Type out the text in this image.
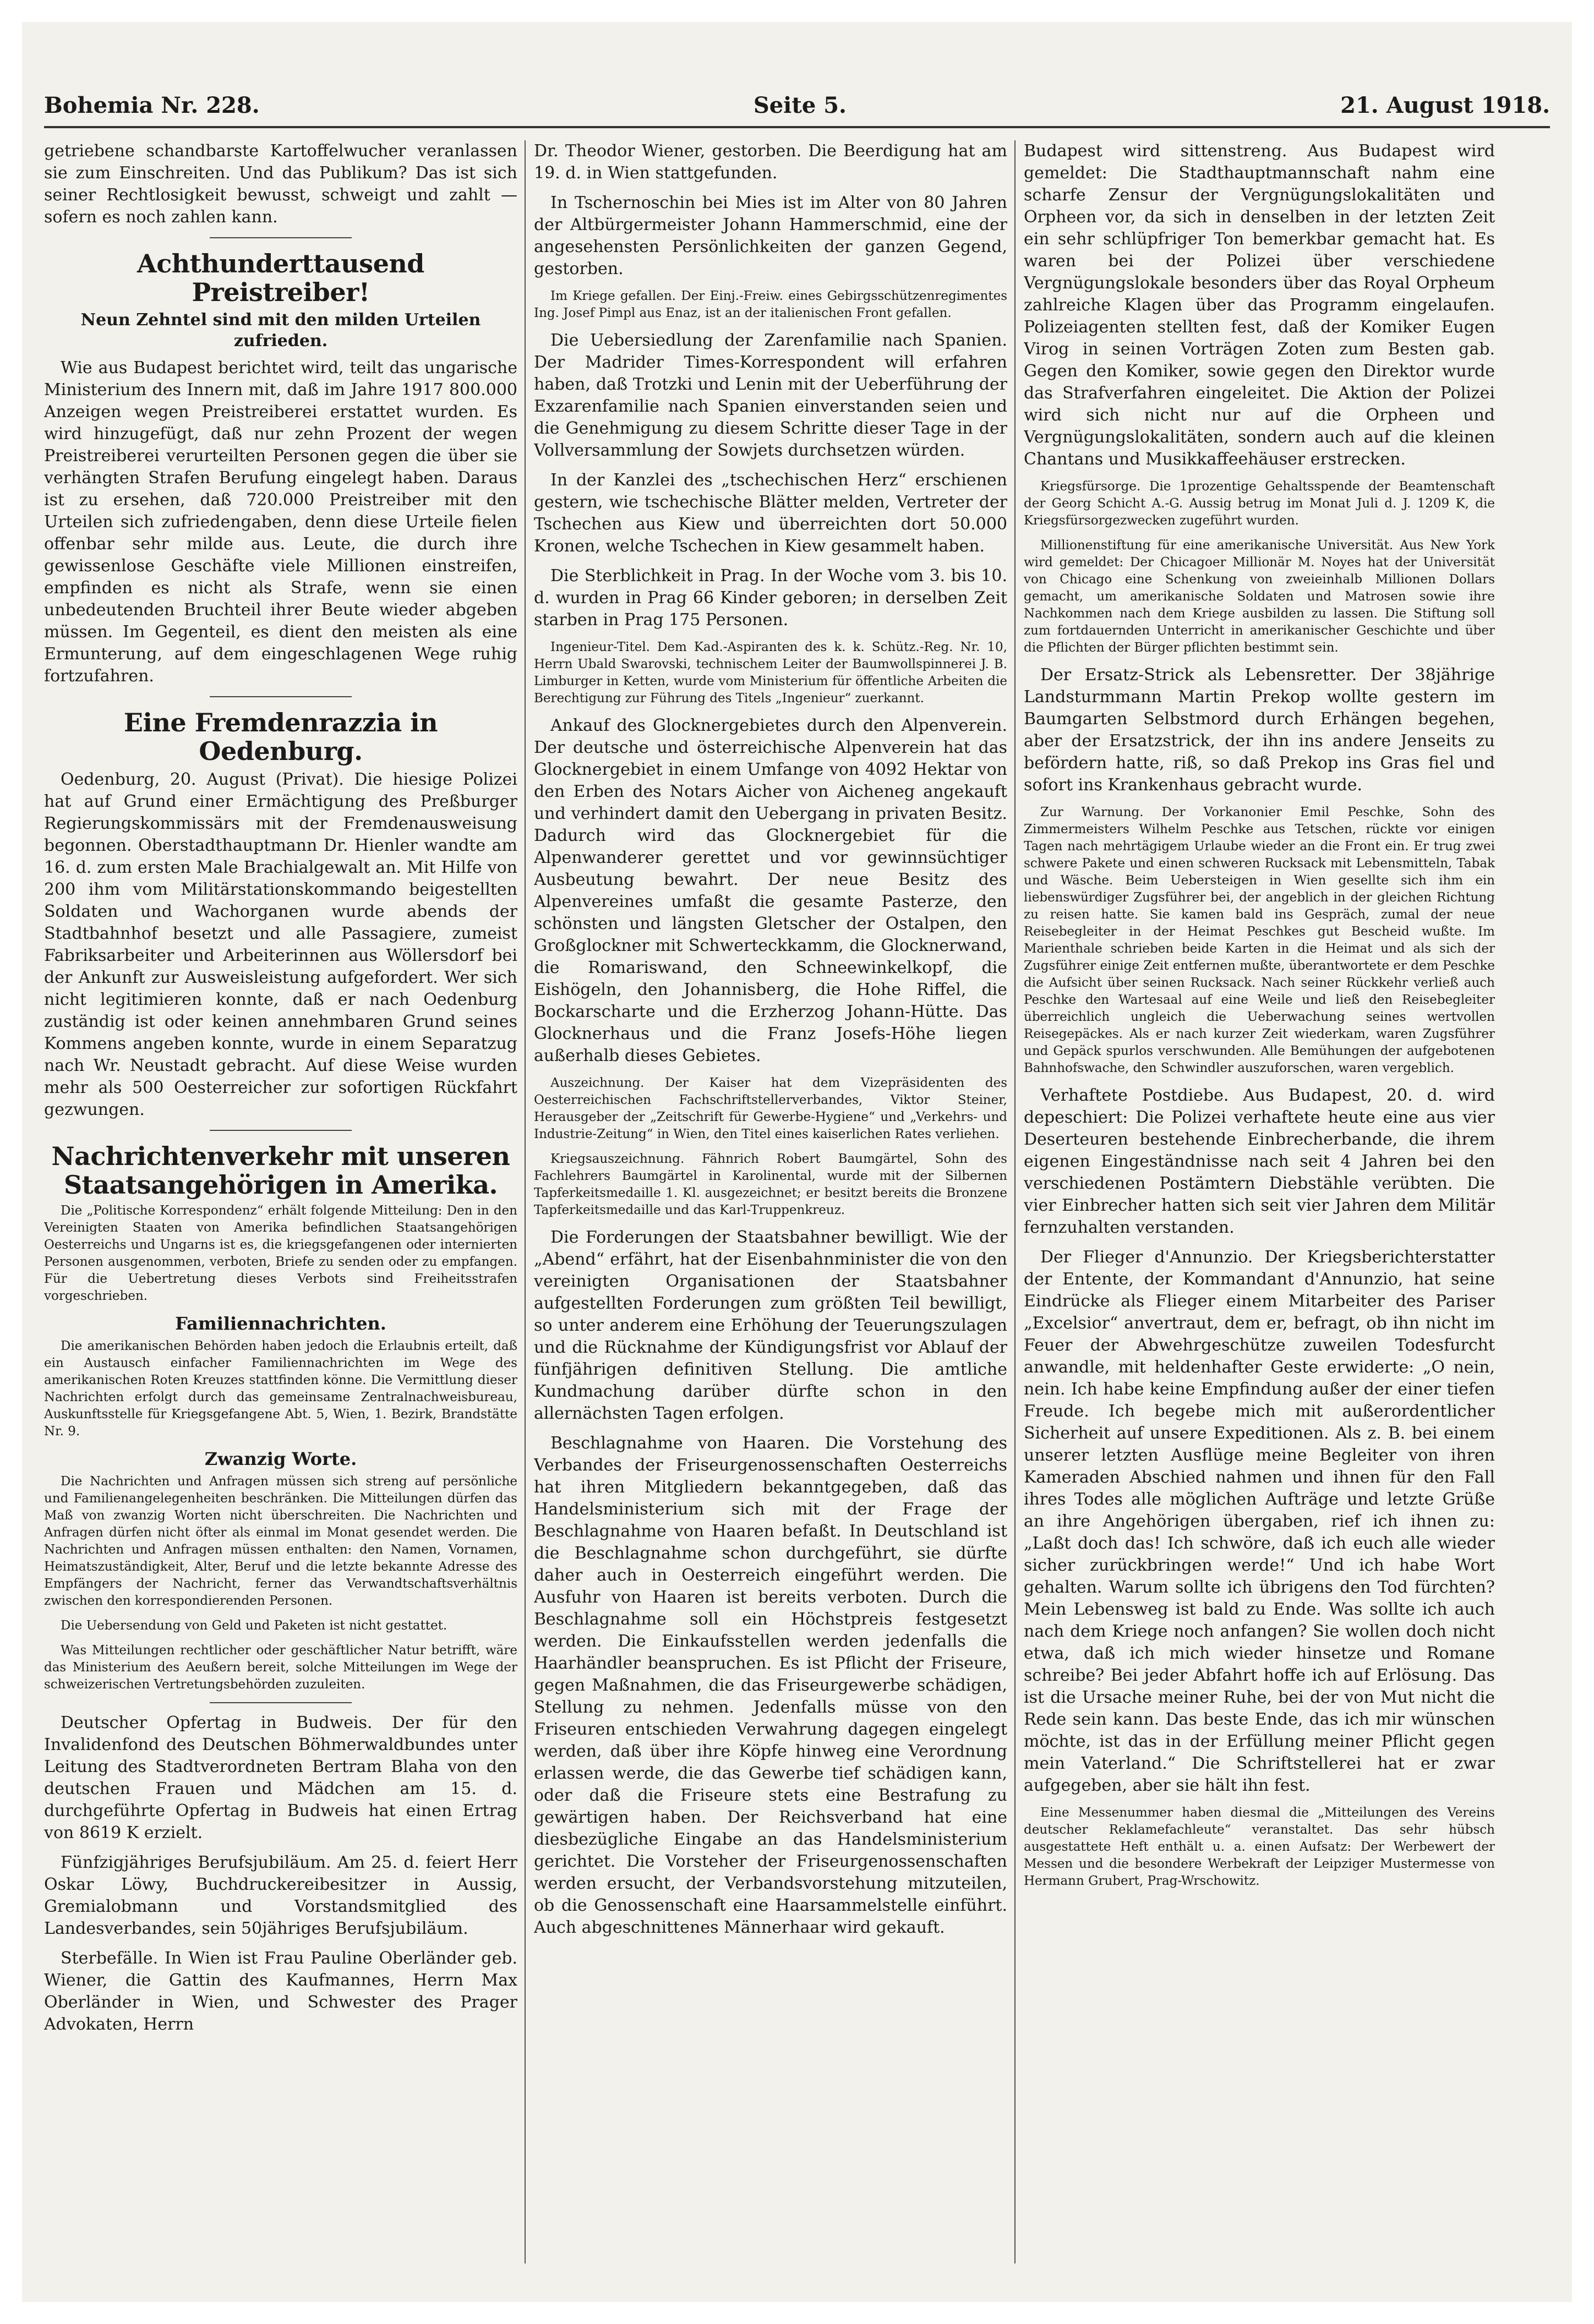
Bohemia Nr. 228.	Seite 5.	21. August 1918.

getriebene schandbarste Kartoffelwucher veranlassen sie zum Einschreiten. Und das Publikum? Das ist sich seiner Rechtlosigkeit bewusst, schweigt und zahlt — sofern es noch zahlen kann.

Achthunderttausend Preistreiber!
Neun Zehntel sind mit den milden Urteilen zufrieden.

Wie aus Budapest berichtet wird, teilt das ungarische Ministerium des Innern mit, daß im Jahre 1917 800.000 Anzeigen wegen Preistreiberei erstattet wurden. Es wird hinzugefügt, daß nur zehn Prozent der wegen Preistreiberei verurteilten Personen gegen die über sie verhängten Strafen Berufung eingelegt haben. Daraus ist zu ersehen, daß 720.000 Preistreiber mit den Urteilen sich zufriedengaben, denn diese Urteile fielen offenbar sehr milde aus. Leute, die durch ihre gewissenlose Geschäfte viele Millionen einstreifen, empfinden es nicht als Strafe, wenn sie einen unbedeutenden Bruchteil ihrer Beute wieder abgeben müssen. Im Gegenteil, es dient den meisten als eine Ermunterung, auf dem eingeschlagenen Wege ruhig fortzufahren.

Eine Fremdenrazzia in Oedenburg.

Oedenburg, 20. August (Privat). Die hiesige Polizei hat auf Grund einer Ermächtigung des Preßburger Regierungskommissärs mit der Fremdenausweisung begonnen. Oberstadthauptmann Dr. Hienler wandte am 16. d. zum ersten Male Brachialgewalt an. Mit Hilfe von 200 ihm vom Militärstationskommando beigestellten Soldaten und Wachorganen wurde abends der Stadtbahnhof besetzt und alle Passagiere, zumeist Fabriksarbeiter und Arbeiterinnen aus Wöllersdorf bei der Ankunft zur Ausweisleistung aufgefordert. Wer sich nicht legitimieren konnte, daß er nach Oedenburg zuständig ist oder keinen annehmbaren Grund seines Kommens angeben konnte, wurde in einem Separatzug nach Wr. Neustadt gebracht. Auf diese Weise wurden mehr als 500 Oesterreicher zur sofortigen Rückfahrt gezwungen.

Nachrichtenverkehr mit unseren Staatsangehörigen in Amerika.

Die „Politische Korrespondenz“ erhält folgende Mitteilung: Den in den Vereinigten Staaten von Amerika befindlichen Staatsangehörigen Oesterreichs und Ungarns ist es, die kriegsgefangenen oder internierten Personen ausgenommen, verboten, Briefe zu senden oder zu empfangen. Für die Uebertretung dieses Verbots sind Freiheitsstrafen vorgeschrieben.

Familiennachrichten.

Die amerikanischen Behörden haben jedoch die Erlaubnis erteilt, daß ein Austausch einfacher Familiennachrichten im Wege des amerikanischen Roten Kreuzes stattfinden könne. Die Vermittlung dieser Nachrichten erfolgt durch das gemeinsame Zentralnachweisbureau, Auskunftsstelle für Kriegsgefangene Abt. 5, Wien, 1. Bezirk, Brandstätte Nr. 9.

Zwanzig Worte.

Die Nachrichten und Anfragen müssen sich streng auf persönliche und Familienangelegenheiten beschränken. Die Mitteilungen dürfen das Maß von zwanzig Worten nicht überschreiten. Die Nachrichten und Anfragen dürfen nicht öfter als einmal im Monat gesendet werden. Die Nachrichten und Anfragen müssen enthalten: den Namen, Vornamen, Heimatszuständigkeit, Alter, Beruf und die letzte bekannte Adresse des Empfängers der Nachricht, ferner das Verwandtschaftsverhältnis zwischen den korrespondierenden Personen.

Die Uebersendung von Geld und Paketen ist nicht gestattet.

Was Mitteilungen rechtlicher oder geschäftlicher Natur betrifft, wäre das Ministerium des Aeußern bereit, solche Mitteilungen im Wege der schweizerischen Vertretungsbehörden zuzuleiten.

Deutscher Opfertag in Budweis. Der für den Invalidenfond des Deutschen Böhmerwaldbundes unter Leitung des Stadtverordneten Bertram Blaha von den deutschen Frauen und Mädchen am 15. d. durchgeführte Opfertag in Budweis hat einen Ertrag von 8619 K erzielt.

Fünfzigjähriges Berufsjubiläum. Am 25. d. feiert Herr Oskar Löwy, Buchdruckereibesitzer in Aussig, Gremialobmann und Vorstandsmitglied des Landesverbandes, sein 50jähriges Berufsjubiläum.

Sterbefälle. In Wien ist Frau Pauline Oberländer geb. Wiener, die Gattin des Kaufmannes, Herrn Max Oberländer in Wien, und Schwester des Prager Advokaten, Herrn

Dr. Theodor Wiener, gestorben. Die Beerdigung hat am 19. d. in Wien stattgefunden.

In Tschernoschin bei Mies ist im Alter von 80 Jahren der Altbürgermeister Johann Hammerschmid, eine der angesehensten Persönlichkeiten der ganzen Gegend, gestorben.

Im Kriege gefallen. Der Einj.-Freiw. eines Gebirgsschützenregimentes Ing. Josef Pimpl aus Enaz, ist an der italienischen Front gefallen.

Die Uebersiedlung der Zarenfamilie nach Spanien. Der Madrider Times-Korrespondent will erfahren haben, daß Trotzki und Lenin mit der Ueberführung der Exzarenfamilie nach Spanien einverstanden seien und die Genehmigung zu diesem Schritte dieser Tage in der Vollversammlung der Sowjets durchsetzen würden.

In der Kanzlei des „tschechischen Herz“ erschienen gestern, wie tschechische Blätter melden, Vertreter der Tschechen aus Kiew und überreichten dort 50.000 Kronen, welche Tschechen in Kiew gesammelt haben.

Die Sterblichkeit in Prag. In der Woche vom 3. bis 10. d. wurden in Prag 66 Kinder geboren; in derselben Zeit starben in Prag 175 Personen.

Ingenieur-Titel. Dem Kad.-Aspiranten des k. k. Schütz.-Reg. Nr. 10, Herrn Ubald Swarovski, technischem Leiter der Baumwollspinnerei J. B. Limburger in Ketten, wurde vom Ministerium für öffentliche Arbeiten die Berechtigung zur Führung des Titels „Ingenieur“ zuerkannt.

Ankauf des Glocknergebietes durch den Alpenverein. Der deutsche und österreichische Alpenverein hat das Glocknergebiet in einem Umfange von 4092 Hektar von den Erben des Notars Aicher von Aicheneg angekauft und verhindert damit den Uebergang in privaten Besitz. Dadurch wird das Glocknergebiet für die Alpenwanderer gerettet und vor gewinnsüchtiger Ausbeutung bewahrt. Der neue Besitz des Alpenvereines umfaßt die gesamte Pasterze, den schönsten und längsten Gletscher der Ostalpen, den Großglockner mit Schwerteckkamm, die Glocknerwand, die Romariswand, den Schneewinkelkopf, die Eishögeln, den Johannisberg, die Hohe Riffel, die Bockarscharte und die Erzherzog Johann-Hütte. Das Glocknerhaus und die Franz Josefs-Höhe liegen außerhalb dieses Gebietes.

Auszeichnung. Der Kaiser hat dem Vizepräsidenten des Oesterreichischen Fachschriftstellerverbandes, Viktor Steiner, Herausgeber der „Zeitschrift für Gewerbe-Hygiene“ und „Verkehrs- und Industrie-Zeitung“ in Wien, den Titel eines kaiserlichen Rates verliehen.

Kriegsauszeichnung. Fähnrich Robert Baumgärtel, Sohn des Fachlehrers Baumgärtel in Karolinental, wurde mit der Silbernen Tapferkeitsmedaille 1. Kl. ausgezeichnet; er besitzt bereits die Bronzene Tapferkeitsmedaille und das Karl-Truppenkreuz.

Die Forderungen der Staatsbahner bewilligt. Wie der „Abend“ erfährt, hat der Eisenbahnminister die von den vereinigten Organisationen der Staatsbahner aufgestellten Forderungen zum größten Teil bewilligt, so unter anderem eine Erhöhung der Teuerungszulagen und die Rücknahme der Kündigungsfrist vor Ablauf der fünfjährigen definitiven Stellung. Die amtliche Kundmachung darüber dürfte schon in den allernächsten Tagen erfolgen.

Beschlagnahme von Haaren. Die Vorstehung des Verbandes der Friseurgenossenschaften Oesterreichs hat ihren Mitgliedern bekanntgegeben, daß das Handelsministerium sich mit der Frage der Beschlagnahme von Haaren befaßt. In Deutschland ist die Beschlagnahme schon durchgeführt, sie dürfte daher auch in Oesterreich eingeführt werden. Die Ausfuhr von Haaren ist bereits verboten. Durch die Beschlagnahme soll ein Höchstpreis festgesetzt werden. Die Einkaufsstellen werden jedenfalls die Haarhändler beanspruchen. Es ist Pflicht der Friseure, gegen Maßnahmen, die das Friseurgewerbe schädigen, Stellung zu nehmen. Jedenfalls müsse von den Friseuren entschieden Verwahrung dagegen eingelegt werden, daß über ihre Köpfe hinweg eine Verordnung erlassen werde, die das Gewerbe tief schädigen kann, oder daß die Friseure stets eine Bestrafung zu gewärtigen haben. Der Reichsverband hat eine diesbezügliche Eingabe an das Handelsministerium gerichtet. Die Vorsteher der Friseurgenossenschaften werden ersucht, der Verbandsvorstehung mitzuteilen, ob die Genossenschaft eine Haarsammelstelle einführt. Auch abgeschnittenes Männerhaar wird gekauft.

Budapest wird sittenstreng. Aus Budapest wird gemeldet: Die Stadthauptmannschaft nahm eine scharfe Zensur der Vergnügungslokalitäten und Orpheen vor, da sich in denselben in der letzten Zeit ein sehr schlüpfriger Ton bemerkbar gemacht hat. Es waren bei der Polizei über verschiedene Vergnügungslokale besonders über das Royal Orpheum zahlreiche Klagen über das Programm eingelaufen. Polizeiagenten stellten fest, daß der Komiker Eugen Virog in seinen Vorträgen Zoten zum Besten gab. Gegen den Komiker, sowie gegen den Direktor wurde das Strafverfahren eingeleitet. Die Aktion der Polizei wird sich nicht nur auf die Orpheen und Vergnügungslokalitäten, sondern auch auf die kleinen Chantans und Musikkaffeehäuser erstrecken.

Kriegsfürsorge. Die 1prozentige Gehaltsspende der Beamtenschaft der Georg Schicht A.-G. Aussig betrug im Monat Juli d. J. 1209 K, die Kriegsfürsorgezwecken zugeführt wurden.

Millionenstiftung für eine amerikanische Universität. Aus New York wird gemeldet: Der Chicagoer Millionär M. Noyes hat der Universität von Chicago eine Schenkung von zweieinhalb Millionen Dollars gemacht, um amerikanische Soldaten und Matrosen sowie ihre Nachkommen nach dem Kriege ausbilden zu lassen. Die Stiftung soll zum fortdauernden Unterricht in amerikanischer Geschichte und über die Pflichten der Bürger pflichten bestimmt sein.

Der Ersatz-Strick als Lebensretter. Der 38jährige Landsturmmann Martin Prekop wollte gestern im Baumgarten Selbstmord durch Erhängen begehen, aber der Ersatzstrick, der ihn ins andere Jenseits zu befördern hatte, riß, so daß Prekop ins Gras fiel und sofort ins Krankenhaus gebracht wurde.

Zur Warnung. Der Vorkanonier Emil Peschke, Sohn des Zimmermeisters Wilhelm Peschke aus Tetschen, rückte vor einigen Tagen nach mehrtägigem Urlaube wieder an die Front ein. Er trug zwei schwere Pakete und einen schweren Rucksack mit Lebensmitteln, Tabak und Wäsche. Beim Uebersteigen in Wien gesellte sich ihm ein liebenswürdiger Zugsführer bei, der angeblich in der gleichen Richtung zu reisen hatte. Sie kamen bald ins Gespräch, zumal der neue Reisebegleiter in der Heimat Peschkes gut Bescheid wußte. Im Marienthale schrieben beide Karten in die Heimat und als sich der Zugsführer einige Zeit entfernen mußte, überantwortete er dem Peschke die Aufsicht über seinen Rucksack. Nach seiner Rückkehr verließ auch Peschke den Wartesaal auf eine Weile und ließ den Reisebegleiter überreichlich ungleich die Ueberwachung seines wertvollen Reisegepäckes. Als er nach kurzer Zeit wiederkam, waren Zugsführer und Gepäck spurlos verschwunden. Alle Bemühungen der aufgebotenen Bahnhofswache, den Schwindler auszuforschen, waren vergeblich.

Verhaftete Postdiebe. Aus Budapest, 20. d. wird depeschiert: Die Polizei verhaftete heute eine aus vier Deserteuren bestehende Einbrecherbande, die ihrem eigenen Eingeständnisse nach seit 4 Jahren bei den verschiedenen Postämtern Diebstähle verübten. Die vier Einbrecher hatten sich seit vier Jahren dem Militär fernzuhalten verstanden.

Der Flieger d'Annunzio. Der Kriegsberichterstatter der Entente, der Kommandant d'Annunzio, hat seine Eindrücke als Flieger einem Mitarbeiter des Pariser „Excelsior“ anvertraut, dem er, befragt, ob ihn nicht im Feuer der Abwehrgeschütze zuweilen Todesfurcht anwandle, mit heldenhafter Geste erwiderte: „O nein, nein. Ich habe keine Empfindung außer der einer tiefen Freude. Ich begebe mich mit außerordentlicher Sicherheit auf unsere Expeditionen. Als z. B. bei einem unserer letzten Ausflüge meine Begleiter von ihren Kameraden Abschied nahmen und ihnen für den Fall ihres Todes alle möglichen Aufträge und letzte Grüße an ihre Angehörigen übergaben, rief ich ihnen zu: „Laßt doch das! Ich schwöre, daß ich euch alle wieder sicher zurückbringen werde!“ Und ich habe Wort gehalten. Warum sollte ich übrigens den Tod fürchten? Mein Lebensweg ist bald zu Ende. Was sollte ich auch nach dem Kriege noch anfangen? Sie wollen doch nicht etwa, daß ich mich wieder hinsetze und Romane schreibe? Bei jeder Abfahrt hoffe ich auf Erlösung. Das ist die Ursache meiner Ruhe, bei der von Mut nicht die Rede sein kann. Das beste Ende, das ich mir wünschen möchte, ist das in der Erfüllung meiner Pflicht gegen mein Vaterland.“ Die Schriftstellerei hat er zwar aufgegeben, aber sie hält ihn fest.

Eine Messenummer haben diesmal die „Mitteilungen des Vereins deutscher Reklamefachleute“ veranstaltet. Das sehr hübsch ausgestattete Heft enthält u. a. einen Aufsatz: Der Werbewert der Messen und die besondere Werbekraft der Leipziger Mustermesse von Hermann Grubert, Prag-Wrschowitz.
